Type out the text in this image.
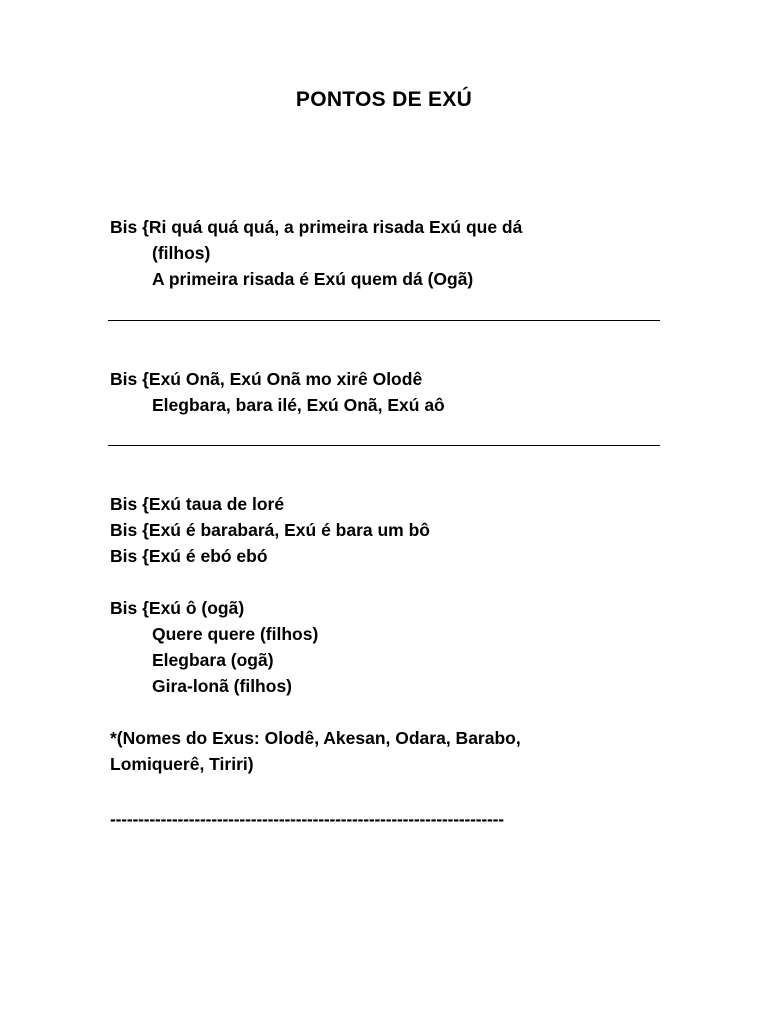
PONTOS DE EXÚ
Bis {Ri quá quá quá, a primeira risada Exú que dá
(filhos)
A primeira risada é Exú quem dá (Ogã)
Bis {Exú Onã, Exú Onã mo xirê Olodê
Elegbara, bara ilé, Exú Onã, Exú aô
Bis {Exú taua de loré
Bis {Exú é barabará, Exú é bara um bô
Bis {Exú é ebó ebó
Bis {Exú ô (ogã)
Quere quere (filhos)
Elegbara (ogã)
Gira-lonã (filhos)
*(Nomes do Exus: Olodê, Akesan, Odara, Barabo,
Lomiquerê, Tiriri)
----------------------------------------------------------------------
